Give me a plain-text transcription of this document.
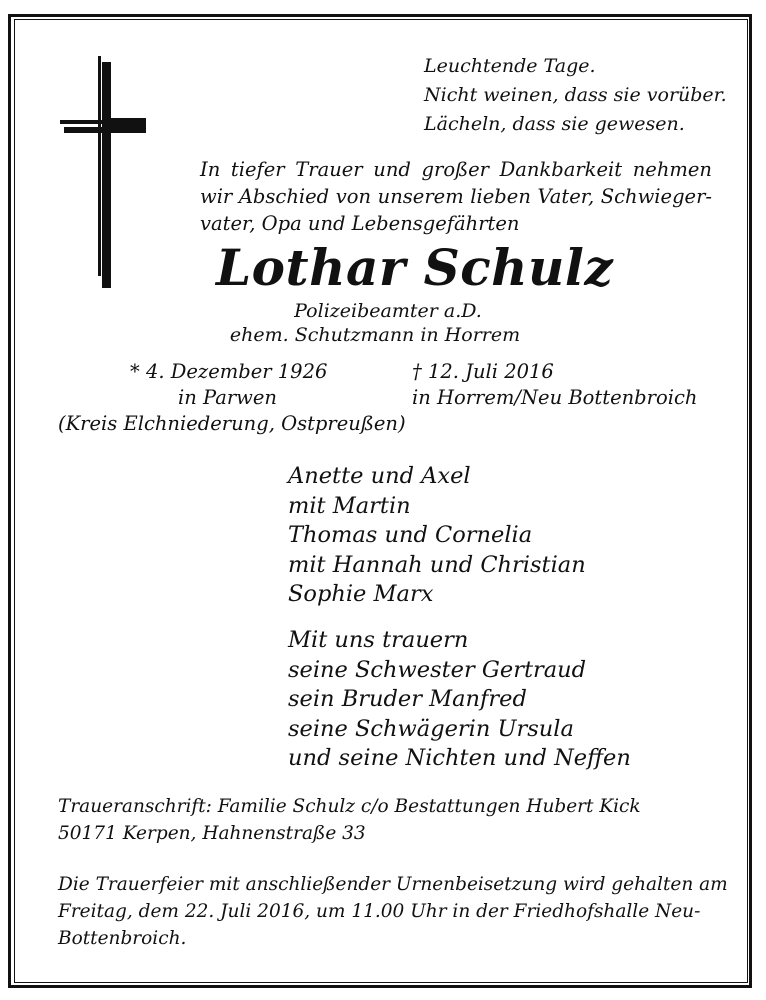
Leuchtende Tage.
Nicht weinen, dass sie vorüber.
Lächeln, dass sie gewesen.
In tiefer Trauer und großer Dankbarkeit nehmen
wir Abschied von unserem lieben Vater, Schwieger-
vater, Opa und Lebensgefährten
Lothar Schulz
Polizeibeamter a.D.
ehem. Schutzmann in Horrem
* 4. Dezember 1926
in Parwen
(Kreis Elchniederung, Ostpreußen)
† 12. Juli 2016
in Horrem/Neu Bottenbroich
Anette und Axel
mit Martin
Thomas und Cornelia
mit Hannah und Christian
Sophie Marx
Mit uns trauern
seine Schwester Gertraud
sein Bruder Manfred
seine Schwägerin Ursula
und seine Nichten und Neffen
Traueranschrift: Familie Schulz c/o Bestattungen Hubert Kick
50171 Kerpen, Hahnenstraße 33
Die Trauerfeier mit anschließender Urnenbeisetzung wird gehalten am
Freitag, dem 22. Juli 2016, um 11.00 Uhr in der Friedhofshalle Neu-
Bottenbroich.
